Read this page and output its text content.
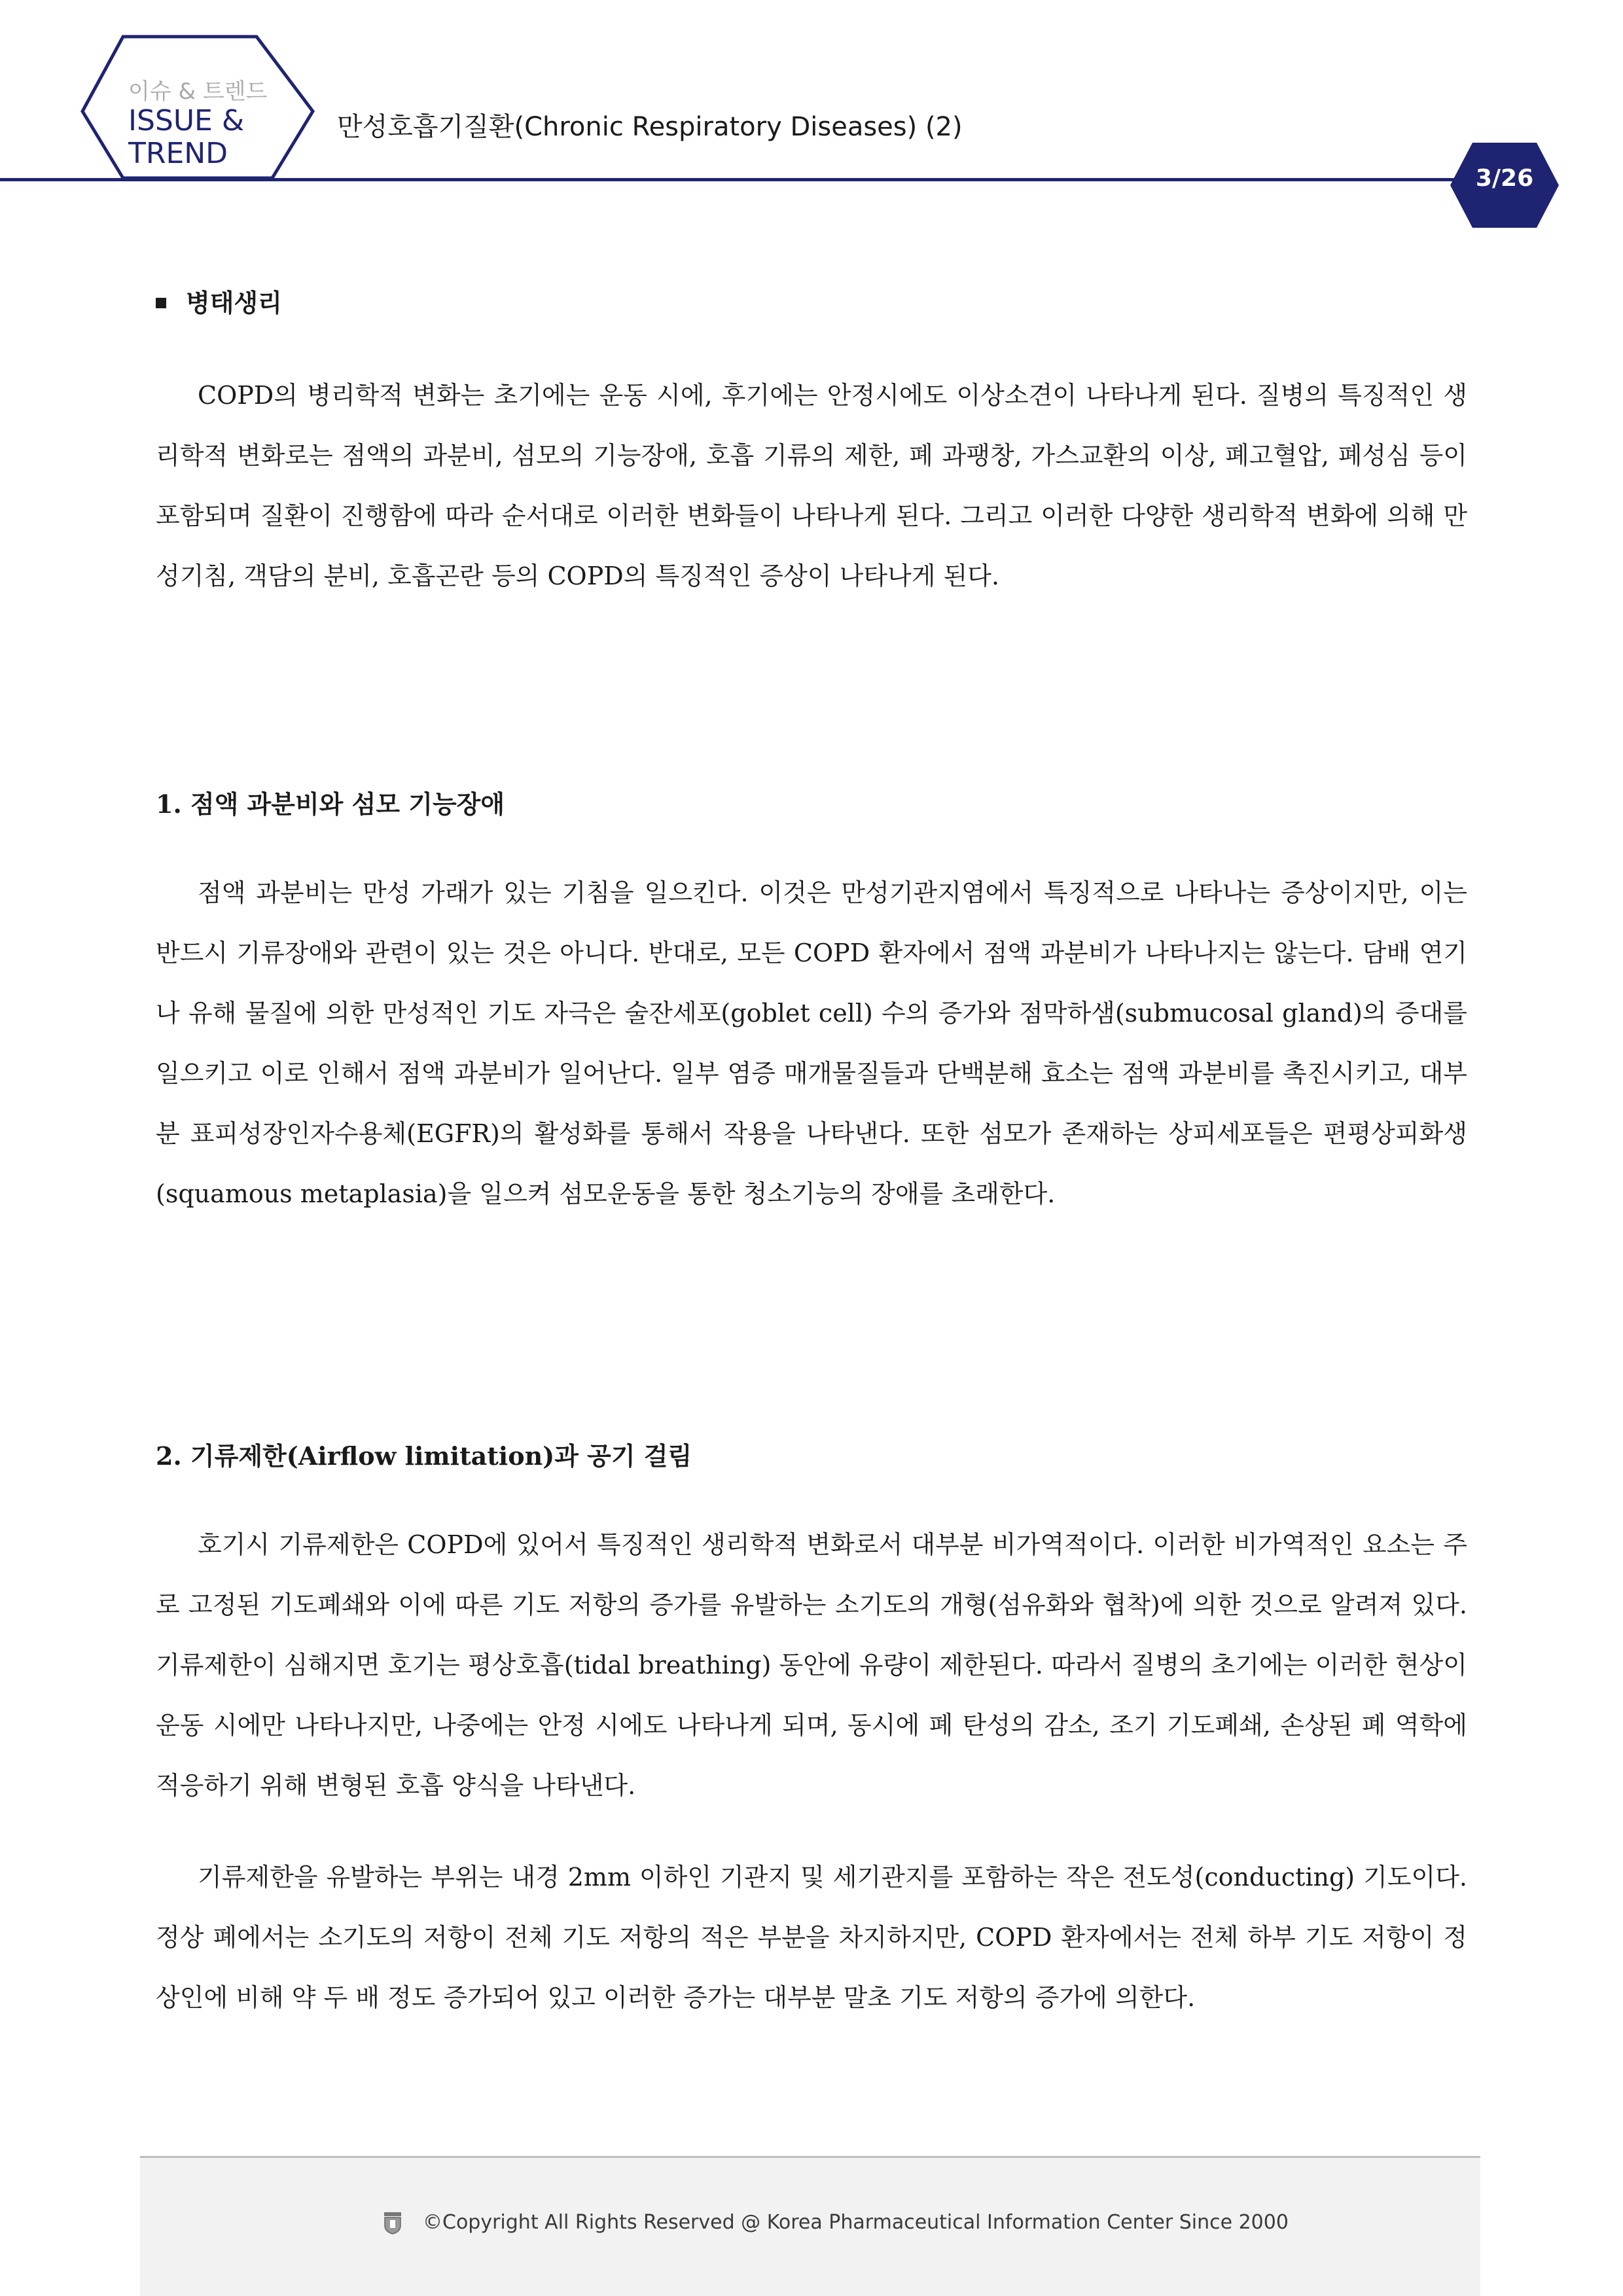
이슈 & 트렌드
ISSUE &
TREND
만성호흡기질환(Chronic Respiratory Diseases) (2)
3/26
병태생리

COPD의 병리학적 변화는 초기에는 운동 시에, 후기에는 안정시에도 이상소견이 나타나게 된다. 질병의 특징적인 생리학적 변화로는 점액의 과분비, 섬모의 기능장애, 호흡 기류의 제한, 폐 과팽창, 가스교환의 이상, 폐고혈압, 폐성심 등이 포함되며 질환이 진행함에 따라 순서대로 이러한 변화들이 나타나게 된다. 그리고 이러한 다양한 생리학적 변화에 의해 만성기침, 객담의 분비, 호흡곤란 등의 COPD의 특징적인 증상이 나타나게 된다.

1. 점액 과분비와 섬모 기능장애

점액 과분비는 만성 가래가 있는 기침을 일으킨다. 이것은 만성기관지염에서 특징적으로 나타나는 증상이지만, 이는 반드시 기류장애와 관련이 있는 것은 아니다. 반대로, 모든 COPD 환자에서 점액 과분비가 나타나지는 않는다. 담배 연기나 유해 물질에 의한 만성적인 기도 자극은 술잔세포(goblet cell) 수의 증가와 점막하샘(submucosal gland)의 증대를 일으키고 이로 인해서 점액 과분비가 일어난다. 일부 염증 매개물질들과 단백분해 효소는 점액 과분비를 촉진시키고, 대부분 표피성장인자수용체(EGFR)의 활성화를 통해서 작용을 나타낸다. 또한 섬모가 존재하는 상피세포들은 편평상피화생(squamous metaplasia)을 일으켜 섬모운동을 통한 청소기능의 장애를 초래한다.

2. 기류제한(Airflow limitation)과 공기 걸림

호기시 기류제한은 COPD에 있어서 특징적인 생리학적 변화로서 대부분 비가역적이다. 이러한 비가역적인 요소는 주로 고정된 기도폐쇄와 이에 따른 기도 저항의 증가를 유발하는 소기도의 개형(섬유화와 협착)에 의한 것으로 알려져 있다. 기류제한이 심해지면 호기는 평상호흡(tidal breathing) 동안에 유량이 제한된다. 따라서 질병의 초기에는 이러한 현상이 운동 시에만 나타나지만, 나중에는 안정 시에도 나타나게 되며, 동시에 폐 탄성의 감소, 조기 기도폐쇄, 손상된 폐 역학에 적응하기 위해 변형된 호흡 양식을 나타낸다.

기류제한을 유발하는 부위는 내경 2mm 이하인 기관지 및 세기관지를 포함하는 작은 전도성(conducting) 기도이다. 정상 폐에서는 소기도의 저항이 전체 기도 저항의 적은 부분을 차지하지만, COPD 환자에서는 전체 하부 기도 저항이 정상인에 비해 약 두 배 정도 증가되어 있고 이러한 증가는 대부분 말초 기도 저항의 증가에 의한다.

©Copyright All Rights Reserved @ Korea Pharmaceutical Information Center Since 2000
